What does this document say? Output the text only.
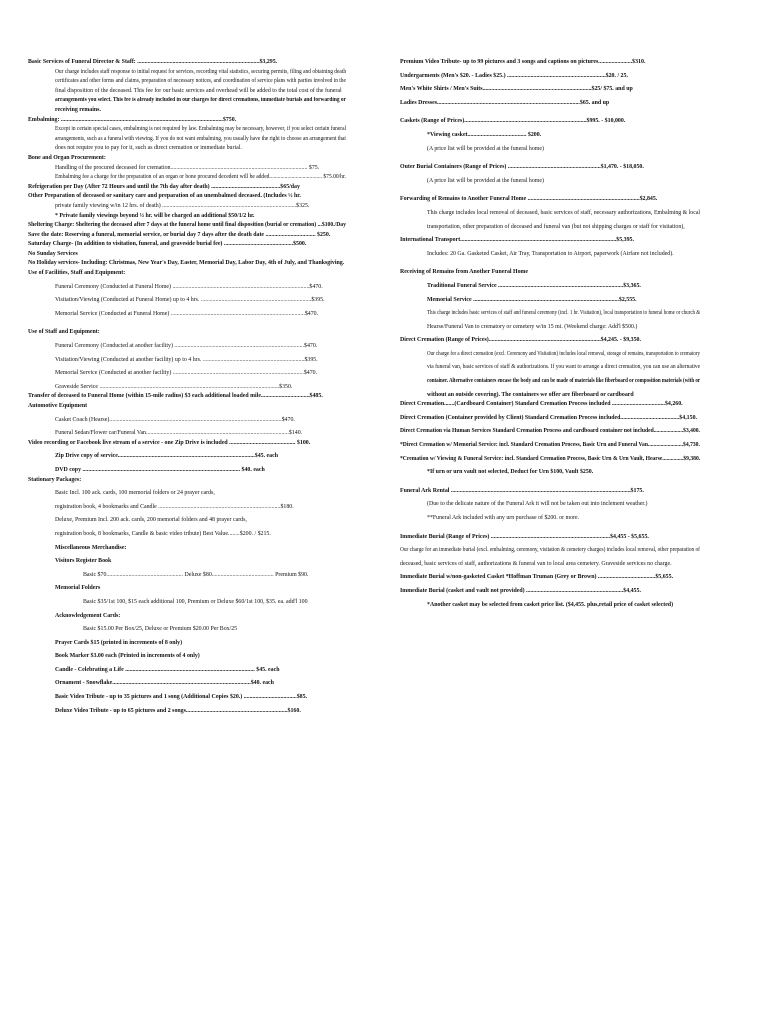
Basic Services of Funeral Director & Staff: ...................................................................................$3,295.
Our charge includes staff response to initial request for services, recording vital statistics, securing permits, filing and obtaining death
certificates and other forms and claims, preparation of necessary notices, and coordination of service plans with parties involved in the
final disposition of the deceased. This fee for our basic services and overhead will be added to the total cost of the funeral
arrangements you select. This fee is already included in our charges for direct cremations, immediate burials and forwarding or
receiving remains.
Embalming: ..............................................................................................................$750.
Except in certain special cases, embalming is not required by law. Embalming may be necessary, however, if you select certain funeral
arrangements, such as a funeral with viewing. If you do not want embalming, you usually have the right to choose an arrangement that
does not require you to pay for it, such as direct cremation or immediate burial.
Bone and Organ Procurement:
Handling of the procured deceased for cremation............................................................................................. $75.
Embalming fee a charge for the preparation of an organ or bone procured decedent will be added...................................... $75.00/hr.
Refrigeration per Day (After 72 Hours and until the 7th day after death) ...............................................$65/day
Other Preparation of deceased or sanitary care and preparation of an unembalmed deceased. (Includes ½ hr.
private family viewing w/in 12 hrs. of death) ...........................................................................................$325.
* Private family viewings beyond ½ hr. will be charged an additional $50/1/2 hr.
Sheltering Charge: Sheltering the deceased after 7 days at the funeral home until final disposition (burial or cremation) ...$100./Day
Save the date: Reserving a funeral, memorial service, or burial day 7 days after the death date .................................. $250.
Saturday Charge- (In addition to visitation, funeral, and graveside burial fee) ...............................................$500.
No Sunday Services
No Holiday services- Including: Christmas, New Year's Day, Easter, Memorial Day, Labor Day, 4th of July, and Thanksgiving.
Use of Facilities, Staff and Equipment:
Funeral Ceremony (Conducted at Funeral Home) .............................................................................................$470.
Visitation/Viewing (Conducted at Funeral Home) up to 4 hrs. ...........................................................................$395.
Memorial Service (Conducted at Funeral Home) ...........................................................................................$470.
Use of Staff and Equipment:
Funeral Ceremony (Conducted at another facility) ........................................................................................$470.
Visitation/Viewing (Conducted at another facility) up to 4 hrs. .....................................................................$395.
Memorial Service (Conducted at another facility) .........................................................................................$470.
Graveside Service ..........................................................................................................................$350.
Transfer of deceased to Funeral Home (within 15-mile radius) $3 each additional loaded mile.................................$485.
Automotive Equipment
Casket Coach (Hearse).....................................................................................................................$470.
Funeral Sedan/Flower car/Funeral Van.................................................................................................$140.
Video recording or Facebook live stream of a service - one Zip Drive is included ............................................. $100.
Zip Drive copy of service.............................................................................................$45. each
DVD copy ........................................................................................................... $40. each
Stationary Packages:
Basic Incl. 100 ack. cards, 100 memorial folders or 24 prayer cards,
registration book, 4 bookmarks and Candle ...................................................................................$180.
Deluxe, Premium Incl. 200 ack. cards, 200 memorial folders and 48 prayer cards,
registration book, 8 bookmarks, Candle & basic video tribute) Best Value........$200. / $215.
Miscellaneous Merchandise:
Visitors Register Book
Basic $70.................................................... Deluxe $80.......................................... Premium $90.
Memorial Folders
Basic $35/1st 100, $15 each additional 100, Premium or Deluxe $60/1st 100, $35. ea. add'l 100
Acknowledgement Cards:
Basic $15.00 Per Box/25, Deluxe or Premium $20.00 Per Box/25
Prayer Cards $15 (printed in increments of 8 only)
Book Marker $3.00 each (Printed in increments of 4 only)
Candle - Celebrating a Life ........................................................................................ $45. each
Ornament - Snowflake..............................................................................................$40. each
Basic Video Tribute - up to 35 pictures and 1 song (Additional Copies $20.) ....................................$85.
Deluxe Video Tribute - up to 65 pictures and 2 songs.....................................................................$160.
Premium Video Tribute- up to 99 pictures and 3 songs and captions on pictures.......................$310.
Undergarments (Men's $20. - Ladies $25.) ...................................................................$20. / 25.
Men's White Shirts / Men's Suits..........................................................................$25/ $75. and up
Ladies Dresses.................................................................................................$65. and up
Caskets (Range of Prices)...................................................................................$995. - $10,000.
*Viewing casket........................................ $200.
(A price list will be provided at the funeral home)
Outer Burial Containers (Range of Prices) ...............................................................$1,470. - $18,050.
(A price list will be provided at the funeral home)
Forwarding of Remains to Another Funeral Home ............................................................................$2,845.
This charge includes local removal of deceased, basic services of staff, necessary authorizations, Embalming & local
transportation, other preparation of deceased and funeral van (but not shipping charges or staff for visitation),
International Transport..........................................................................................................$5,395.
Includes: 20 Ga. Gasketed Casket, Air Tray, Transportation to Airport, paperwork (Airfare not included).
Receiving of Remains from Another Funeral Home
Traditional Funeral Service .....................................................................................$3,365.
Memorial Service ...................................................................................................$2,555.
This charge includes basic services of staff and funeral ceremony (incl. 1 hr. Visitation), local transportation to funeral home or church &
Hearse/Funeral Van to crematory or cemetery w/in 15 mi. (Weekend charge: Add'l $500.)
Direct Cremation (Range of Prices)............................................................................$4,245. - $9,350.
Our charge for a direct cremation (excl. Ceremony and Visitation) includes local removal, storage of remains, transportation to crematory
via funeral van, basic services of staff & authorizations. If you want to arrange a direct cremation, you can use an alternative
container. Alternative containers encase the body and can be made of materials like fiberboard or composition materials (with or
without an outside covering). The containers we offer are fiberboard or cardboard
Direct Cremation.......(Cardboard Container) Standard Cremation Process included ....................................$4,260.
Direct Cremation (Container provided by Client) Standard Cremation Process included........................................$4,150.
Direct Cremation via Human Services Standard Cremation Process and cardboard container not included.....................$3,400.
*Direct Cremation w/ Memorial Service: incl. Standard Cremation Process, Basic Urn and Funeral Van.........................$4,730.
*Cremation w/ Viewing & Funeral Service: incl. Standard Cremation Process, Basic Urn & Urn Vault, Hearse...............$9,380.
*If urn or urn vault not selected, Deduct for Urn $100, Vault $250.
Funeral Ark Rental ..........................................................................................................................$175.
(Due to the delicate nature of the Funeral Ark it will not be taken out into inclement weather.)
**Funeral Ark included with any urn purchase of $200. or more.
Immediate Burial (Range of Prices) .................................................................................$4,455 - $5,655.
Our charge for an immediate burial (excl. embalming, ceremony, visitation & cemetery charges) includes local removal, other preparation of
deceased, basic services of staff, authorizations & funeral van to local area cemetery. Graveside services no charge.
Immediate Burial w/non-gasketed Casket *Hoffman Truman (Grey or Brown) .......................................$5,655.
Immediate Burial (casket and vault not provided) ..................................................................$4,455.
*Another casket may be selected from casket price list. ($4,455. plus,retail price of casket selected)
